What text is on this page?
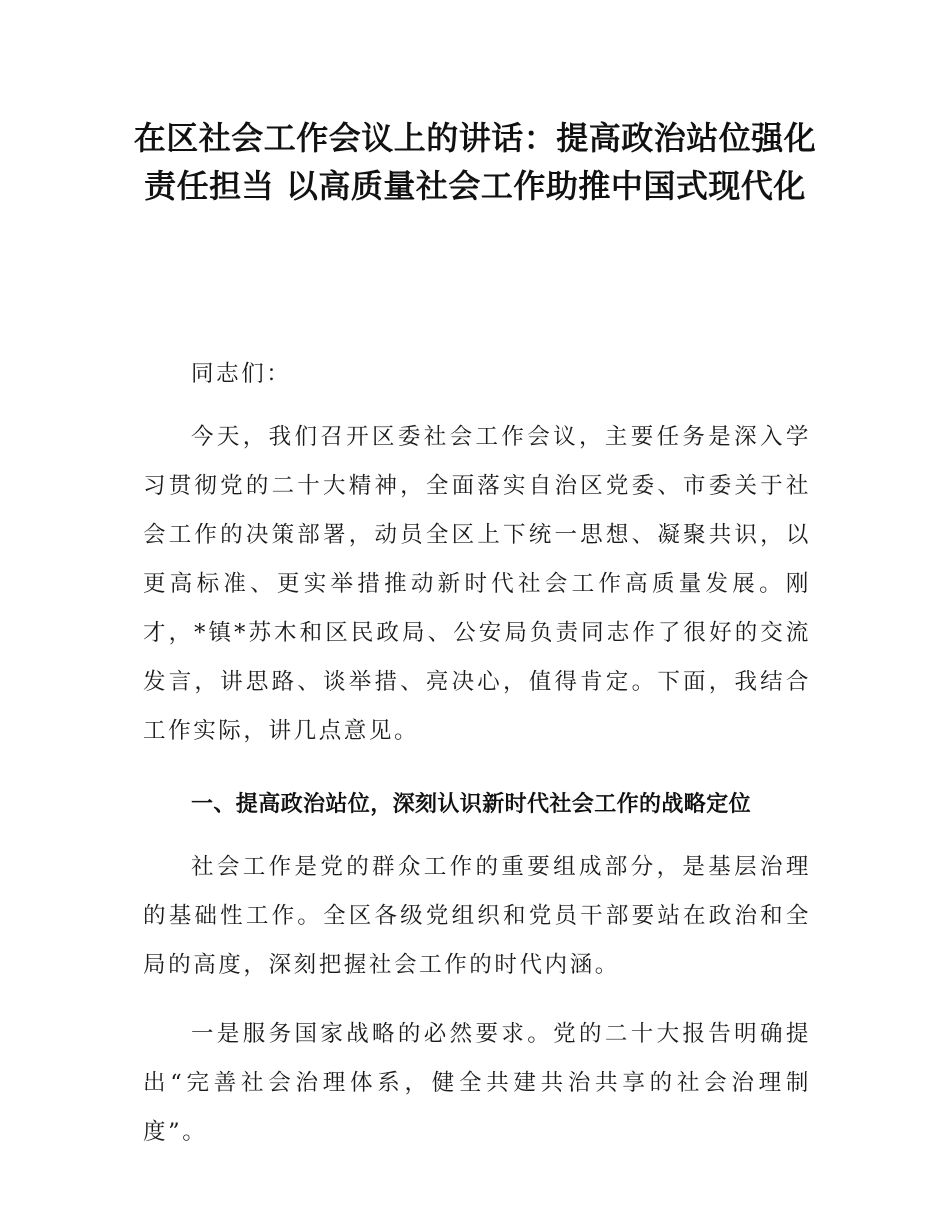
在区社会工作会议上的讲话：提高政治站位强化责任担当 以高质量社会工作助推中国式现代化

同志们：

今天，我们召开区委社会工作会议，主要任务是深入学习贯彻党的二十大精神，全面落实自治区党委、市委关于社会工作的决策部署，动员全区上下统一思想、凝聚共识，以更高标准、更实举措推动新时代社会工作高质量发展。刚才，*镇*苏木和区民政局、公安局负责同志作了很好的交流发言，讲思路、谈举措、亮决心，值得肯定。下面，我结合工作实际，讲几点意见。

一、提高政治站位，深刻认识新时代社会工作的战略定位

社会工作是党的群众工作的重要组成部分，是基层治理的基础性工作。全区各级党组织和党员干部要站在政治和全局的高度，深刻把握社会工作的时代内涵。

一是服务国家战略的必然要求。党的二十大报告明确提出“完善社会治理体系，健全共建共治共享的社会治理制度”。
